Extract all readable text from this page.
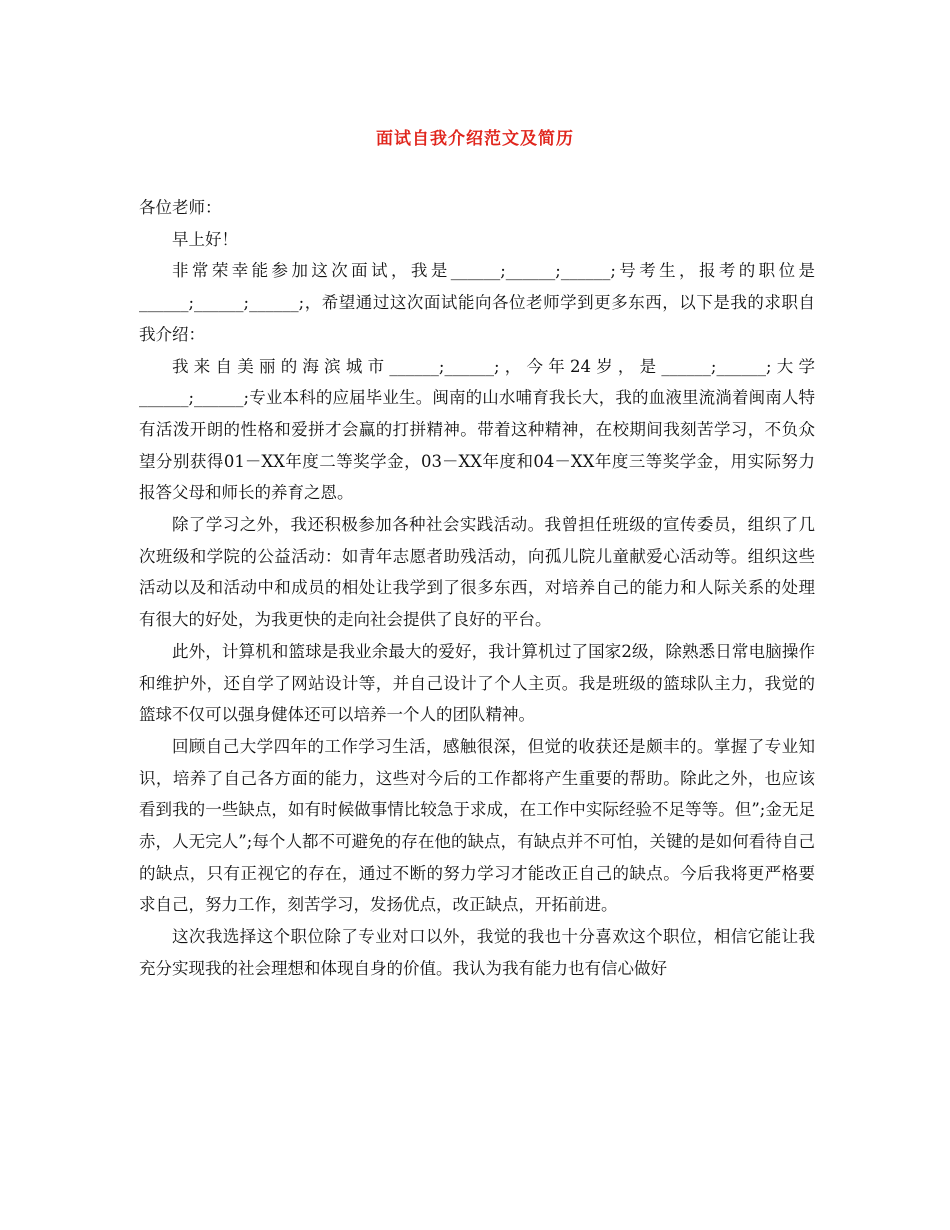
面试自我介绍范文及简历

各位老师：

早上好！

非常荣幸能参加这次面试，我是______;______;______;号考生，报考的职位是______;______;______;，希望通过这次面试能向各位老师学到更多东西，以下是我的求职自我介绍：

我来自美丽的海滨城市______;______;，今年24岁，是______;______;大学______;______;专业本科的应届毕业生。闽南的山水哺育我长大，我的血液里流淌着闽南人特有活泼开朗的性格和爱拼才会赢的打拼精神。带着这种精神，在校期间我刻苦学习，不负众望分别获得01－XX年度二等奖学金，03－XX年度和04－XX年度三等奖学金，用实际努力报答父母和师长的养育之恩。

除了学习之外，我还积极参加各种社会实践活动。我曾担任班级的宣传委员，组织了几次班级和学院的公益活动：如青年志愿者助残活动，向孤儿院儿童献爱心活动等。组织这些活动以及和活动中和成员的相处让我学到了很多东西，对培养自己的能力和人际关系的处理有很大的好处，为我更快的走向社会提供了良好的平台。

此外，计算机和篮球是我业余最大的爱好，我计算机过了国家2级，除熟悉日常电脑操作和维护外，还自学了网站设计等，并自己设计了个人主页。我是班级的篮球队主力，我觉的篮球不仅可以强身健体还可以培养一个人的团队精神。

回顾自己大学四年的工作学习生活，感触很深，但觉的收获还是颇丰的。掌握了专业知识，培养了自己各方面的能力，这些对今后的工作都将产生重要的帮助。除此之外，也应该看到我的一些缺点，如有时候做事情比较急于求成，在工作中实际经验不足等等。但”;金无足赤，人无完人”;每个人都不可避免的存在他的缺点，有缺点并不可怕，关键的是如何看待自己的缺点，只有正视它的存在，通过不断的努力学习才能改正自己的缺点。今后我将更严格要求自己，努力工作，刻苦学习，发扬优点，改正缺点，开拓前进。

这次我选择这个职位除了专业对口以外，我觉的我也十分喜欢这个职位，相信它能让我充分实现我的社会理想和体现自身的价值。我认为我有能力也有信心做好
